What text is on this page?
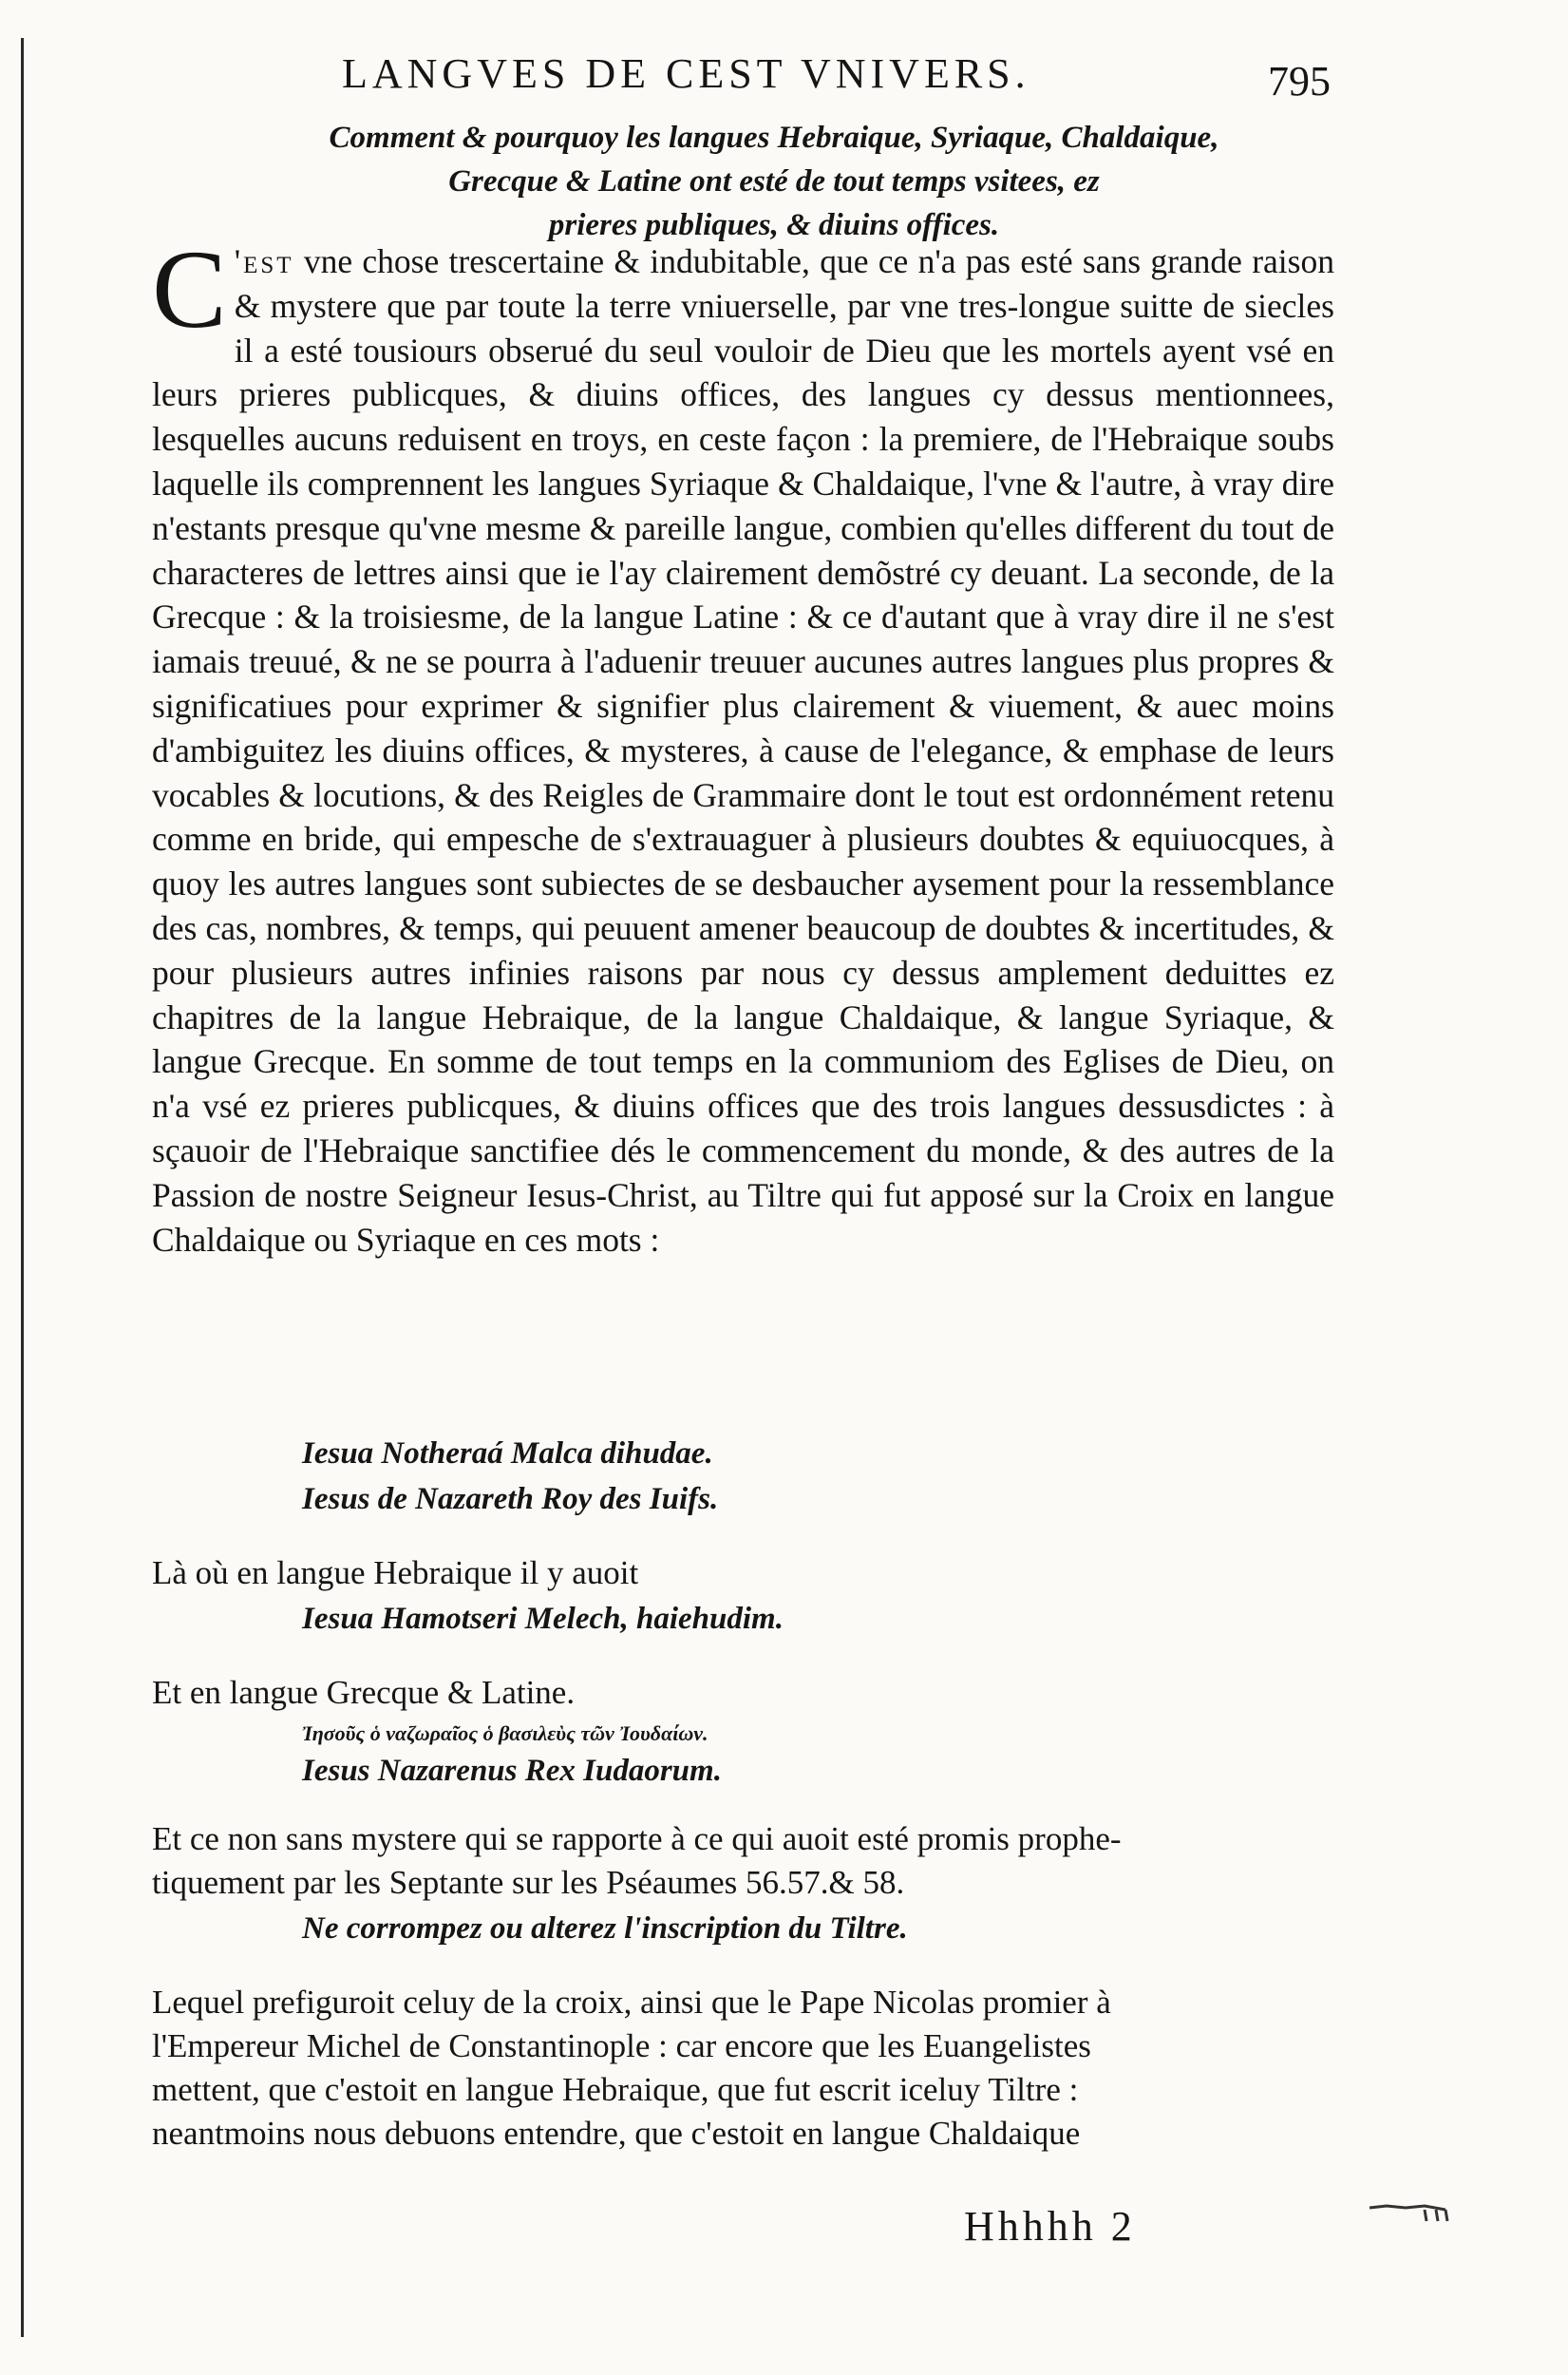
LANGVES DE CEST VNIVERS.	795
Comment & pourquoy les langues Hebraique, Syriaque, Chaldaique,
Grecque & Latine ont esté de tout temps vsitees, ez
prieres publiques, & diuins offices.

C 'est vne chose trescertaine & indubitable, que ce n'a pas esté sans grande raison & mystere que par toute la terre vniuerselle, par vne tres-longue suitte de siecles il a esté tousiours obserué du seul vouloir de Dieu que les mortels ayent vsé en leurs prieres publicques, & diuins offices, des langues cy dessus mentionnees, lesquelles aucuns reduisent en troys, en ceste façon : la premiere, de l'Hebraique soubs laquelle ils comprennent les langues Syriaque & Chaldaique, l'vne & l'autre, à vray dire n'estants presque qu'vne mesme & pareille langue, combien qu'elles different du tout de characteres de lettres ainsi que ie l'ay clairement demõstré cy deuant. La seconde, de la Grecque : & la troisiesme, de la langue Latine : & ce d'autant que à vray dire il ne s'est iamais treuué, & ne se pourra à l'aduenir treuuer aucunes autres langues plus propres & significatiues pour exprimer & signifier plus clairement & viuement, & auec moins d'ambiguitez les diuins offices, & mysteres, à cause de l'elegance, & emphase de leurs vocables & locutions, & des Reigles de Grammaire dont le tout est ordonnément retenu comme en bride, qui empesche de s'extrauaguer à plusieurs doubtes & equiuocques, à quoy les autres langues sont subiectes de se desbaucher aysement pour la ressemblance des cas, nombres, & temps, qui peuuent amener beaucoup de doubtes & incertitudes, & pour plusieurs autres infinies raisons par nous cy dessus amplement deduittes ez chapitres de la langue Hebraique, de la langue Chaldaique, & langue Syriaque, & langue Grecque. En somme de tout temps en la communiom des Eglises de Dieu, on n'a vsé ez prieres publicques, & diuins offices que des trois langues dessusdictes : à sçauoir de l'Hebraique sanctifiee dés le commencement du monde, & des autres de la Passion de nostre Seigneur Iesus-Christ, au Tiltre qui fut apposé sur la Croix en langue Chaldaique ou Syriaque en ces mots :

Iesua Notheraá Malca dihudae.
Iesus de Nazareth Roy des Iuifs.
Là où en langue Hebraique il y auoit
Iesua Hamotseri Melech, haiehudim.
Et en langue Grecque & Latine.
Ἰησοῦς ὁ ναζωραῖος ὁ βασιλεὺς τῶν Ἰουδαίων.
Iesus Nazarenus Rex Iudaorum.
Et ce non sans mystere qui se rapporte à ce qui auoit esté promis prophe-
tiquement par les Septante sur les Pséaumes 56.57.& 58.
Ne corrompez ou alterez l'inscription du Tiltre.
Lequel prefiguroit celuy de la croix, ainsi que le Pape Nicolas promier à
l'Empereur Michel de Constantinople : car encore que les Euangelistes
mettent, que c'estoit en langue Hebraique, que fut escrit iceluy Tiltre :
neantmoins nous debuons entendre, que c'estoit en langue Chaldaique
Hhhhh 2
